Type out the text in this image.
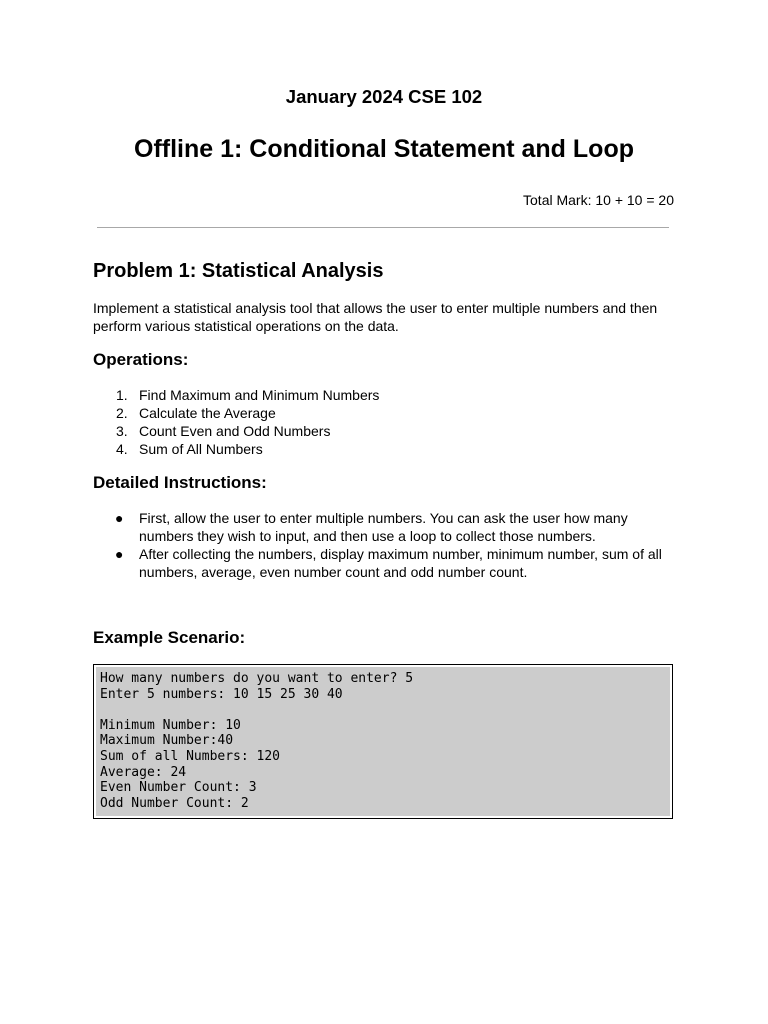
January 2024 CSE 102
Offline 1: Conditional Statement and Loop
Total Mark: 10 + 10 = 20
Problem 1: Statistical Analysis
Implement a statistical analysis tool that allows the user to enter multiple numbers and then perform various statistical operations on the data.
Operations:
1. Find Maximum and Minimum Numbers
2. Calculate the Average
3. Count Even and Odd Numbers
4. Sum of All Numbers
Detailed Instructions:
● First, allow the user to enter multiple numbers. You can ask the user how many numbers they wish to input, and then use a loop to collect those numbers.
● After collecting the numbers, display maximum number, minimum number, sum of all numbers, average, even number count and odd number count.
Example Scenario:
How many numbers do you want to enter? 5
Enter 5 numbers: 10 15 25 30 40
Minimum Number: 10
Maximum Number:40
Sum of all Numbers: 120
Average: 24
Even Number Count: 3
Odd Number Count: 2
